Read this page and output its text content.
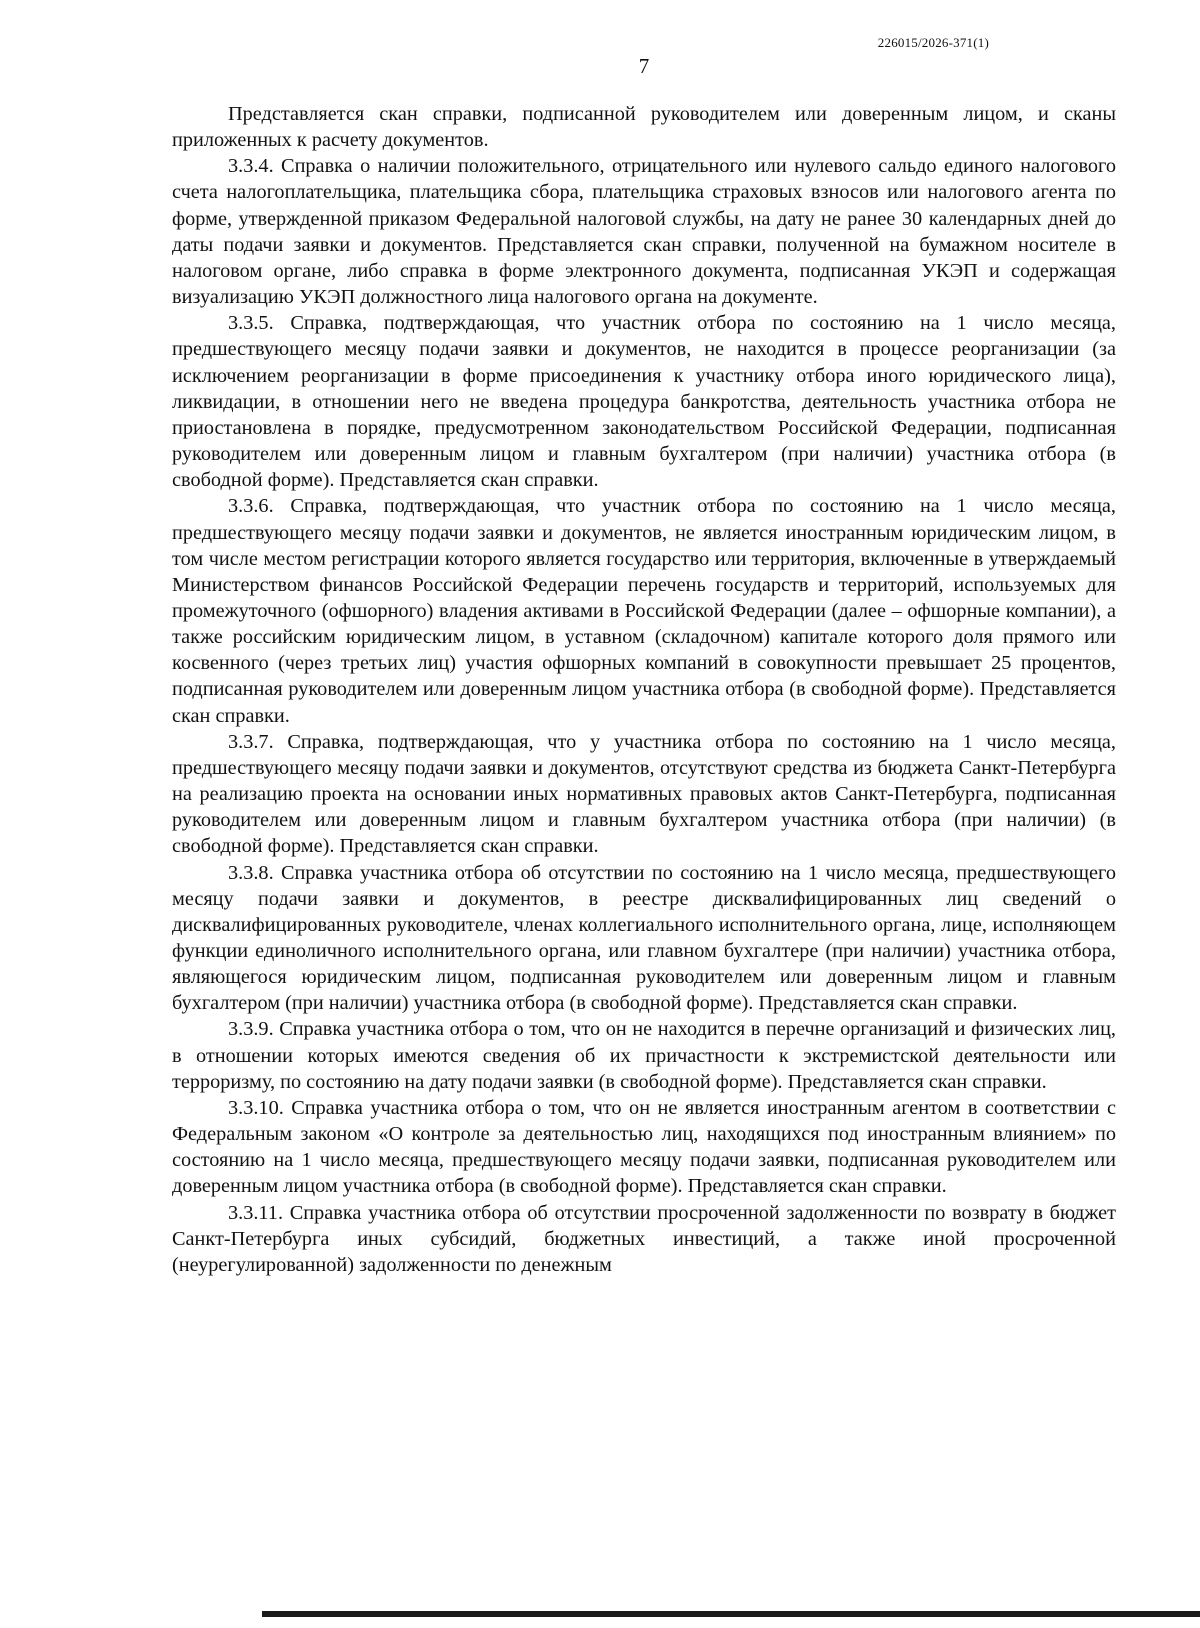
226015/2026-371(1)
7

Представляется скан справки, подписанной руководителем или доверенным лицом, и сканы приложенных к расчету документов.

3.3.4. Справка о наличии положительного, отрицательного или нулевого сальдо единого налогового счета налогоплательщика, плательщика сбора, плательщика страховых взносов или налогового агента по форме, утвержденной приказом Федеральной налоговой службы, на дату не ранее 30 календарных дней до даты подачи заявки и документов. Представляется скан справки, полученной на бумажном носителе в налоговом органе, либо справка в форме электронного документа, подписанная УКЭП и содержащая визуализацию УКЭП должностного лица налогового органа на документе.

3.3.5. Справка, подтверждающая, что участник отбора по состоянию на 1 число месяца, предшествующего месяцу подачи заявки и документов, не находится в процессе реорганизации (за исключением реорганизации в форме присоединения к участнику отбора иного юридического лица), ликвидации, в отношении него не введена процедура банкротства, деятельность участника отбора не приостановлена в порядке, предусмотренном законодательством Российской Федерации, подписанная руководителем или доверенным лицом и главным бухгалтером (при наличии) участника отбора (в свободной форме). Представляется скан справки.

3.3.6. Справка, подтверждающая, что участник отбора по состоянию на 1 число месяца, предшествующего месяцу подачи заявки и документов, не является иностранным юридическим лицом, в том числе местом регистрации которого является государство или территория, включенные в утверждаемый Министерством финансов Российской Федерации перечень государств и территорий, используемых для промежуточного (офшорного) владения активами в Российской Федерации (далее – офшорные компании), а также российским юридическим лицом, в уставном (складочном) капитале которого доля прямого или косвенного (через третьих лиц) участия офшорных компаний в совокупности превышает 25 процентов, подписанная руководителем или доверенным лицом участника отбора (в свободной форме). Представляется скан справки.

3.3.7. Справка, подтверждающая, что у участника отбора по состоянию на 1 число месяца, предшествующего месяцу подачи заявки и документов, отсутствуют средства из бюджета Санкт-Петербурга на реализацию проекта на основании иных нормативных правовых актов Санкт-Петербурга, подписанная руководителем или доверенным лицом и главным бухгалтером участника отбора (при наличии) (в свободной форме). Представляется скан справки.

3.3.8. Справка участника отбора об отсутствии по состоянию на 1 число месяца, предшествующего месяцу подачи заявки и документов, в реестре дисквалифицированных лиц сведений о дисквалифицированных руководителе, членах коллегиального исполнительного органа, лице, исполняющем функции единоличного исполнительного органа, или главном бухгалтере (при наличии) участника отбора, являющегося юридическим лицом, подписанная руководителем или доверенным лицом и главным бухгалтером (при наличии) участника отбора (в свободной форме). Представляется скан справки.

3.3.9. Справка участника отбора о том, что он не находится в перечне организаций и физических лиц, в отношении которых имеются сведения об их причастности к экстремистской деятельности или терроризму, по состоянию на дату подачи заявки (в свободной форме). Представляется скан справки.

3.3.10. Справка участника отбора о том, что он не является иностранным агентом в соответствии с Федеральным законом «О контроле за деятельностью лиц, находящихся под иностранным влиянием» по состоянию на 1 число месяца, предшествующего месяцу подачи заявки, подписанная руководителем или доверенным лицом участника отбора (в свободной форме). Представляется скан справки.

3.3.11. Справка участника отбора об отсутствии просроченной задолженности по возврату в бюджет Санкт-Петербурга иных субсидий, бюджетных инвестиций, а также иной просроченной (неурегулированной) задолженности по денежным
